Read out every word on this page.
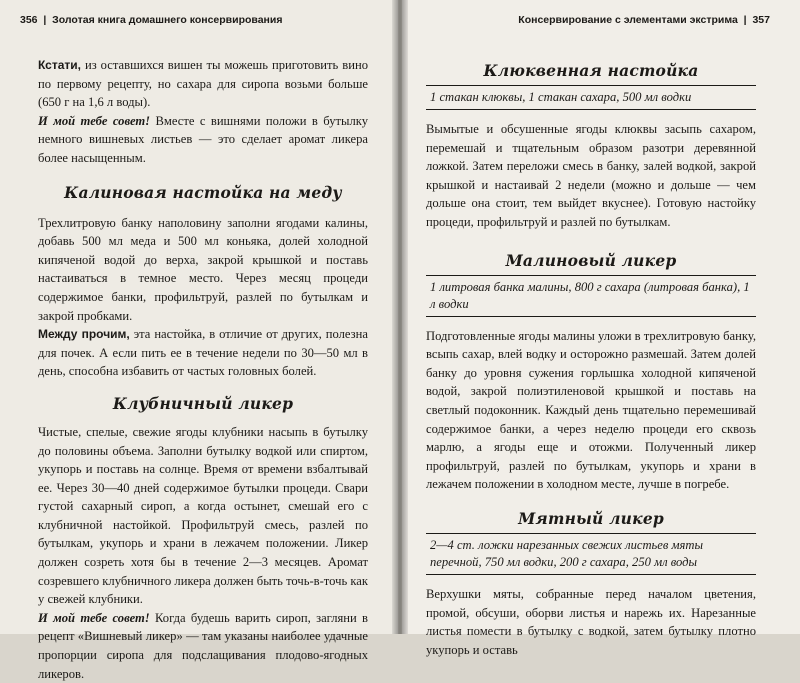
356 | Золотая книга домашнего консервирования

Кстати, из оставшихся вишен ты можешь приготовить вино по первому рецепту, но сахара для сиропа возьми больше (650 г на 1,6 л воды).

И мой тебе совет! Вместе с вишнями положи в бутылку немного вишневых листьев — это сделает аромат ликера более насыщенным.

Калиновая настойка на меду

Трехлитровую банку наполовину заполни ягодами калины, добавь 500 мл меда и 500 мл коньяка, долей холодной кипяченой водой до верха, закрой крышкой и поставь настаиваться в темное место. Через месяц процеди содержимое банки, профильтруй, разлей по бутылкам и закрой пробками.

Между прочим, эта настойка, в отличие от других, полезна для почек. А если пить ее в течение недели по 30—50 мл в день, способна избавить от частых головных болей.

Клубничный ликер

Чистые, спелые, свежие ягоды клубники насыпь в бутылку до половины объема. Заполни бутылку водкой или спиртом, укупорь и поставь на солнце. Время от времени взбалтывай ее. Через 30—40 дней содержимое бутылки процеди. Свари густой сахарный сироп, а когда остынет, смешай его с клубничной настойкой. Профильтруй смесь, разлей по бутылкам, укупорь и храни в лежачем положении. Ликер должен созреть хотя бы в течение 2—3 месяцев. Аромат созревшего клубничного ликера должен быть точь-в-точь как у свежей клубники.

И мой тебе совет! Когда будешь варить сироп, загляни в рецепт «Вишневый ликер» — там указаны наиболее удачные пропорции сиропа для подслащивания плодово-ягодных ликеров.

Консервирование с элементами экстрима | 357
Клюквенная настойка
1 стакан клюквы, 1 стакан сахара, 500 мл водки

Вымытые и обсушенные ягоды клюквы засыпь сахаром, перемешай и тщательным образом разотри деревянной ложкой. Затем переложи смесь в банку, залей водкой, закрой крышкой и настаивай 2 недели (можно и дольше — чем дольше она стоит, тем выйдет вкуснее). Готовую настойку процеди, профильтруй и разлей по бутылкам.

Малиновый ликер
1 литровая банка малины, 800 г сахара (литровая банка), 1 л водки

Подготовленные ягоды малины уложи в трехлитровую банку, всыпь сахар, влей водку и осторожно размешай. Затем долей банку до уровня сужения горлышка холодной кипяченой водой, закрой полиэтиленовой крышкой и поставь на светлый подоконник. Каждый день тщательно перемешивай содержимое банки, а через неделю процеди его сквозь марлю, а ягоды еще и отожми. Полученный ликер профильтруй, разлей по бутылкам, укупорь и храни в лежачем положении в холодном месте, лучше в погребе.

Мятный ликер
2—4 ст. ложки нарезанных свежих листьев мяты перечной, 750 мл водки, 200 г сахара, 250 мл воды

Верхушки мяты, собранные перед началом цветения, промой, обсуши, оборви листья и нарежь их. Нарезанные листья помести в бутылку с водкой, затем бутылку плотно укупорь и оставь
